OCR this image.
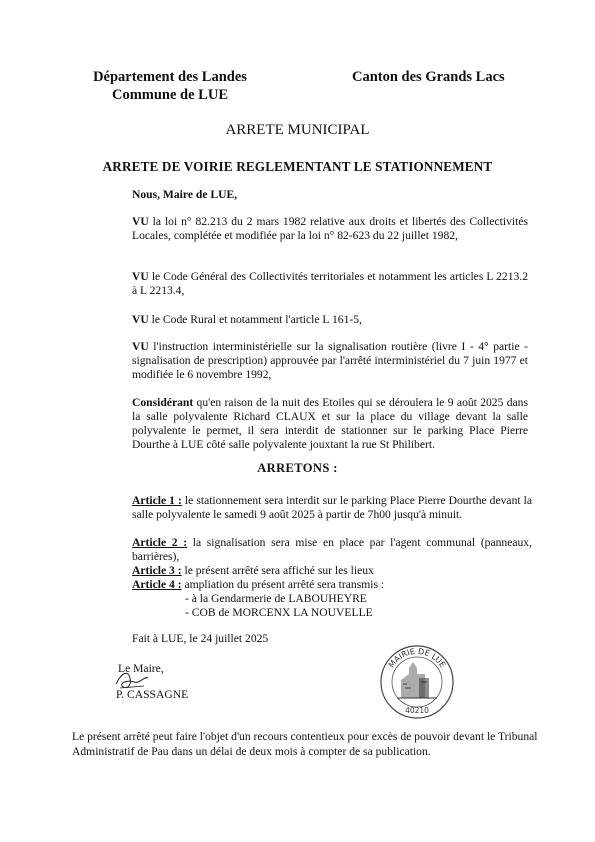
Département des Landes
Commune de LUE
Canton des Grands Lacs
ARRETE MUNICIPAL
ARRETE DE VOIRIE REGLEMENTANT LE STATIONNEMENT
Nous, Maire de LUE,
VU la loi n° 82.213 du 2 mars 1982 relative aux droits et libertés des Collectivités Locales, complétée et modifiée par la loi n° 82-623 du 22 juillet 1982,
VU le Code Général des Collectivités territoriales et notamment les articles L 2213.2 à L 2213.4,
VU le Code Rural et notamment l'article L 161-5,
VU l'instruction interministérielle sur la signalisation routière (livre I - 4° partie - signalisation de prescription) approuvée par l'arrêté interministériel du 7 juin 1977 et modifiée le 6 novembre 1992,
Considérant qu'en raison de la nuit des Etoiles qui se déroulera le 9 août 2025 dans la salle polyvalente Richard CLAUX et sur la place du village devant la salle polyvalente le permet, il sera interdit de stationner sur le parking Place Pierre Dourthe à LUE côté salle polyvalente jouxtant la rue St Philibert.
ARRETONS :
Article 1 : le stationnement sera interdit sur le parking Place Pierre Dourthe devant la salle polyvalente le samedi 9 août 2025 à partir de 7h00 jusqu'à minuit.
Article 2 : la signalisation sera mise en place par l'agent communal (panneaux, barrières),
Article 3 : le présent arrêté sera affiché sur les lieux
Article 4 : ampliation du présent arrêté sera transmis :
- à la Gendarmerie de LABOUHEYRE
- COB de MORCENX LA NOUVELLE
Fait à LUE, le 24 juillet 2025
Le Maire,
P. CASSAGNE
MAIRIE DE LUE
40210
Le présent arrêté peut faire l'objet d'un recours contentieux pour excès de pouvoir devant le Tribunal Administratif de Pau dans un délai de deux mois à compter de sa publication.
